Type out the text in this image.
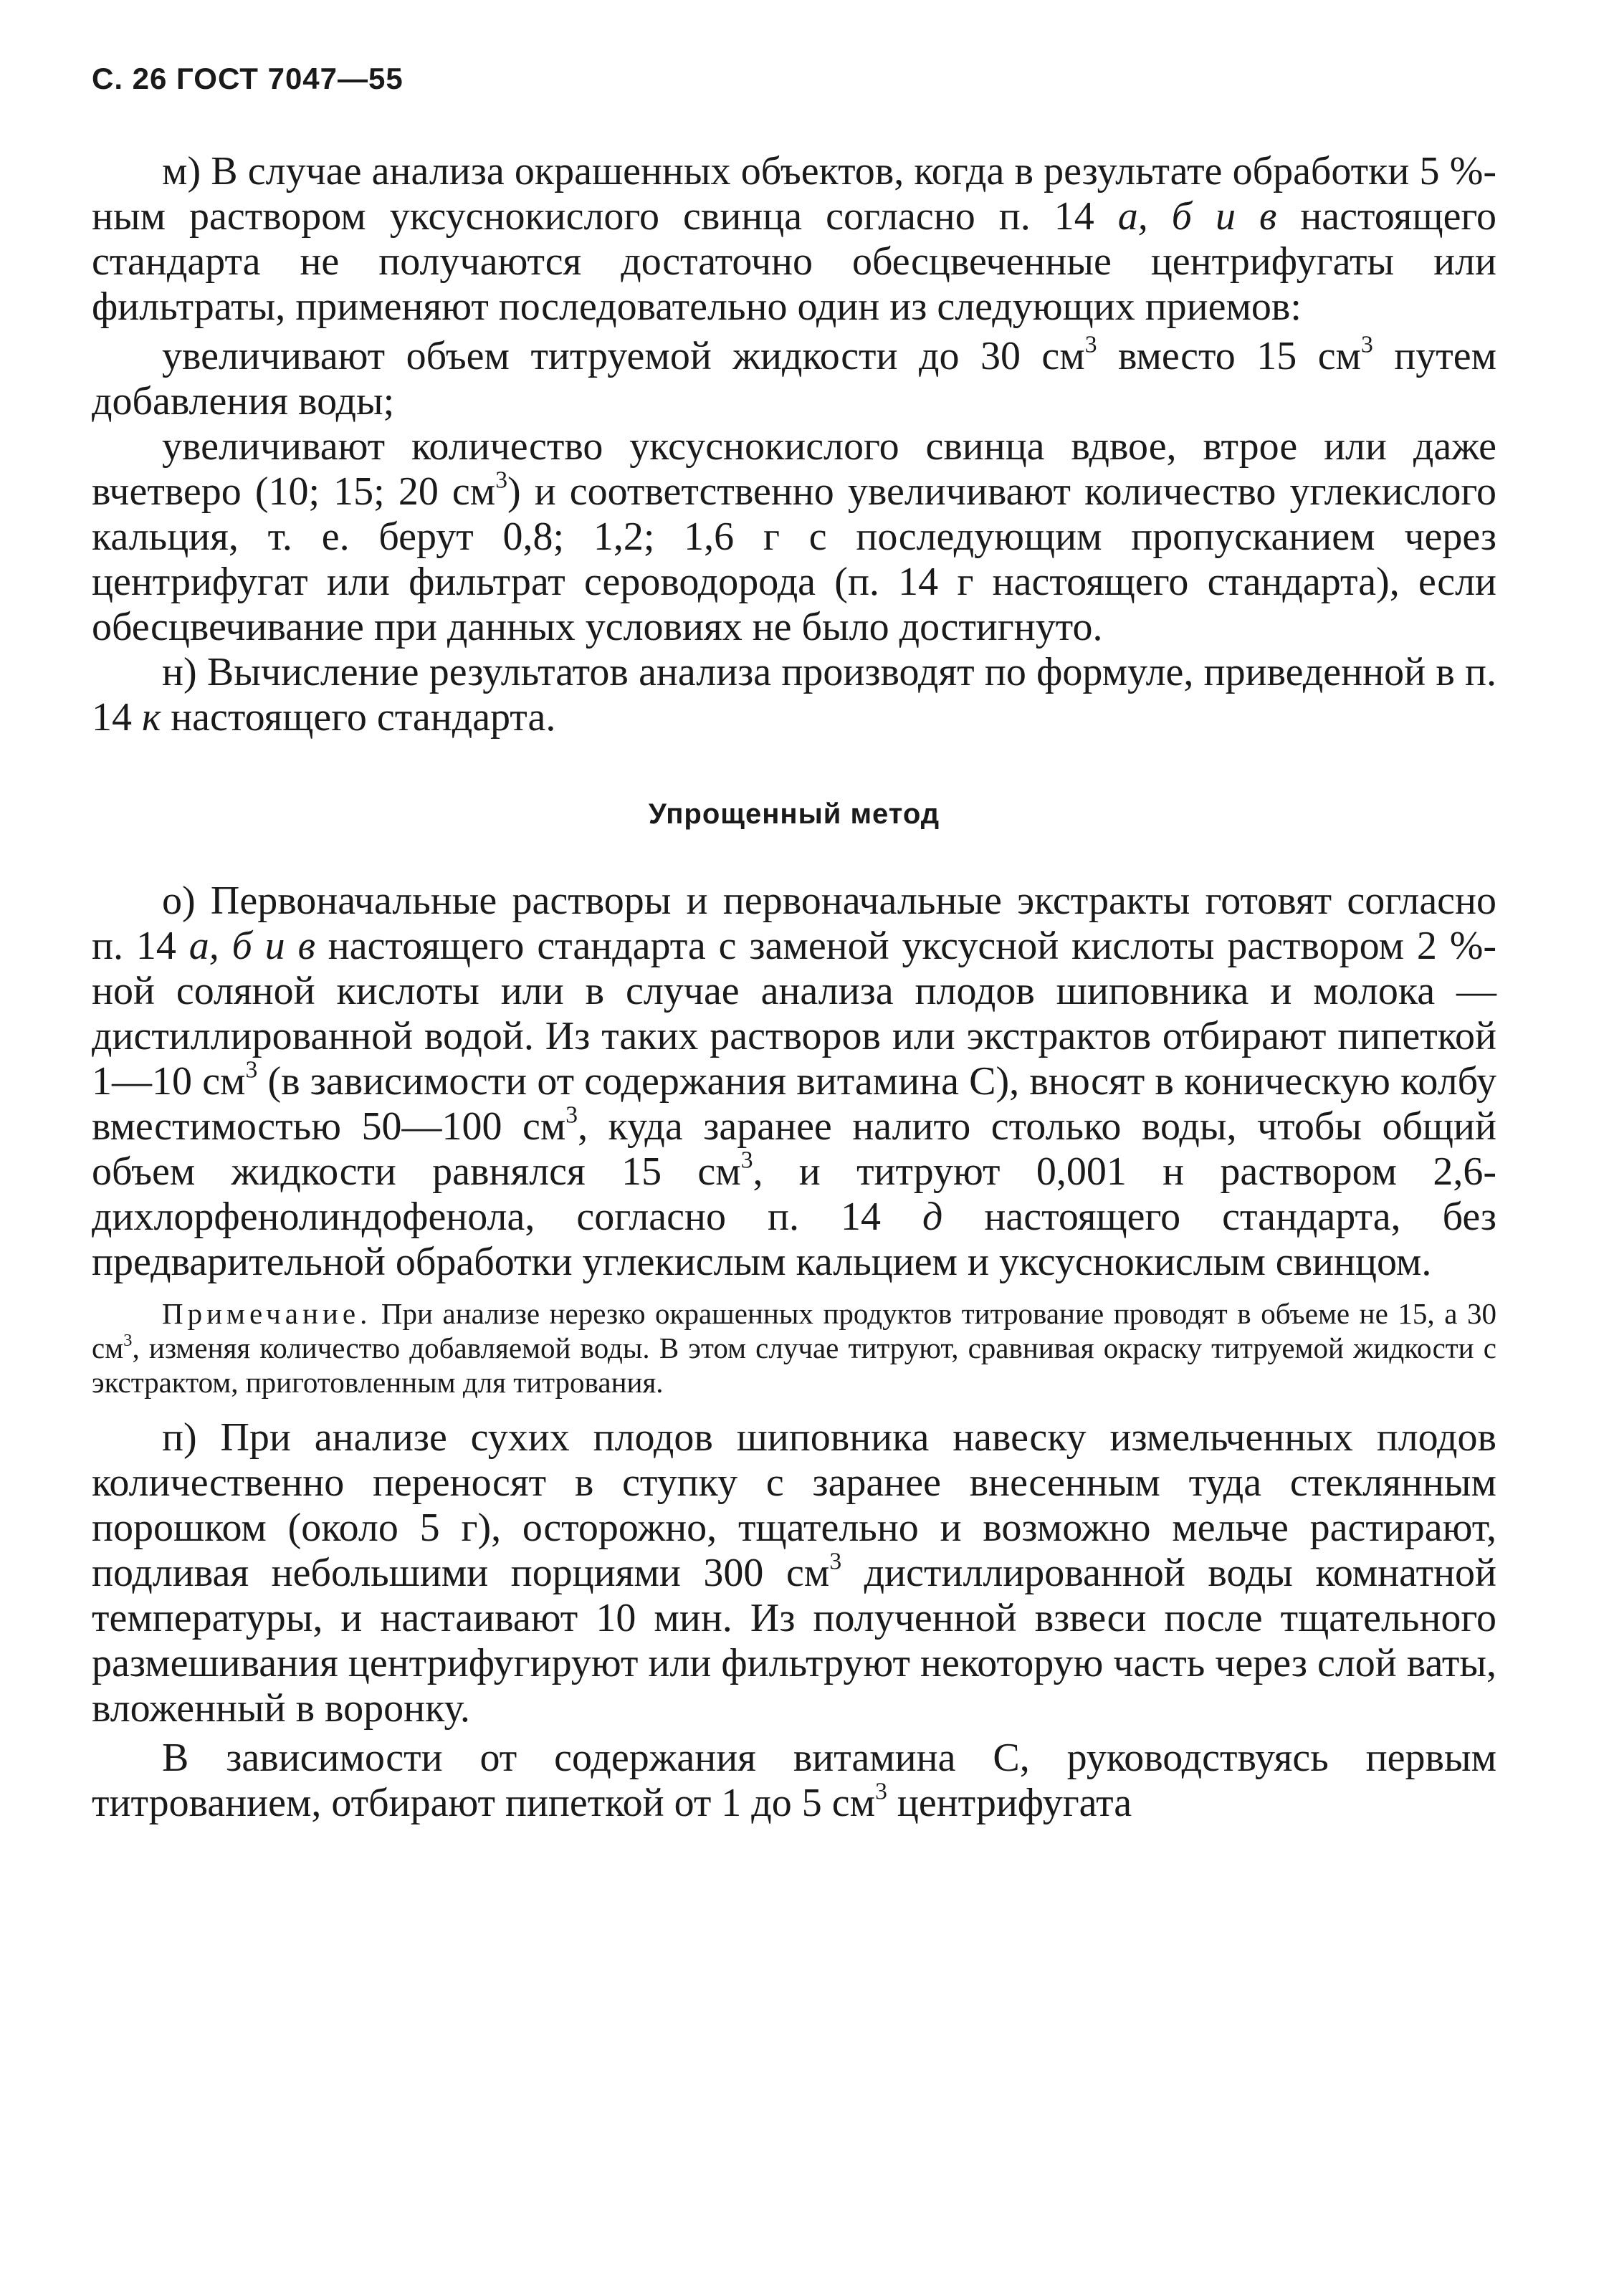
С. 26 ГОСТ 7047—55

м) В случае анализа окрашенных объектов, когда в результате обработки 5 %-ным раствором уксуснокислого свинца согласно п. 14 а, б и в настоящего стандарта не получаются достаточно обесцвеченные центрифугаты или фильтраты, применяют последовательно один из следующих приемов:

увеличивают объем титруемой жидкости до 30 $см^3$ вместо 15 $см^3$ путем добавления воды;

увеличивают количество уксуснокислого свинца вдвое, втрое или даже вчетверо (10; 15; 20 $см^3$) и соответственно увеличивают количество углекислого кальция, т. е. берут 0,8; 1,2; 1,6 г с последующим пропусканием через центрифугат или фильтрат сероводорода (п. 14 г настоящего стандарта), если обесцвечивание при данных условиях не было достигнуто.

н) Вычисление результатов анализа производят по формуле, приведенной в п. 14 к настоящего стандарта.

Упрощенный метод

о) Первоначальные растворы и первоначальные экстракты готовят согласно п. 14 а, б и в настоящего стандарта с заменой уксусной кислоты раствором 2 %-ной соляной кислоты или в случае анализа плодов шиповника и молока — дистиллированной водой. Из таких растворов или экстрактов отбирают пипеткой 1—10 $см^3$ (в зависимости от содержания витамина С), вносят в коническую колбу вместимостью 50—100 $см^3$, куда заранее налито столько воды, чтобы общий объем жидкости равнялся 15 $см^3$, и титруют 0,001 н раствором 2,6-дихлорфенолиндофенола, согласно п. 14 д настоящего стандарта, без предварительной обработки углекислым кальцием и уксуснокислым свинцом.

Примечание. При анализе нерезко окрашенных продуктов титрование проводят в объеме не 15, а 30 $см^3$, изменяя количество добавляемой воды. В этом случае титруют, сравнивая окраску титруемой жидкости с экстрактом, приготовленным для титрования.

п) При анализе сухих плодов шиповника навеску измельченных плодов количественно переносят в ступку с заранее внесенным туда стеклянным порошком (около 5 г), осторожно, тщательно и возможно мельче растирают, подливая небольшими порциями 300 $см^3$ дистиллированной воды комнатной температуры, и настаивают 10 мин. Из полученной взвеси после тщательного размешивания центрифугируют или фильтруют некоторую часть через слой ваты, вложенный в воронку.

В зависимости от содержания витамина С, руководствуясь первым титрованием, отбирают пипеткой от 1 до 5 $см^3$ центрифугата
